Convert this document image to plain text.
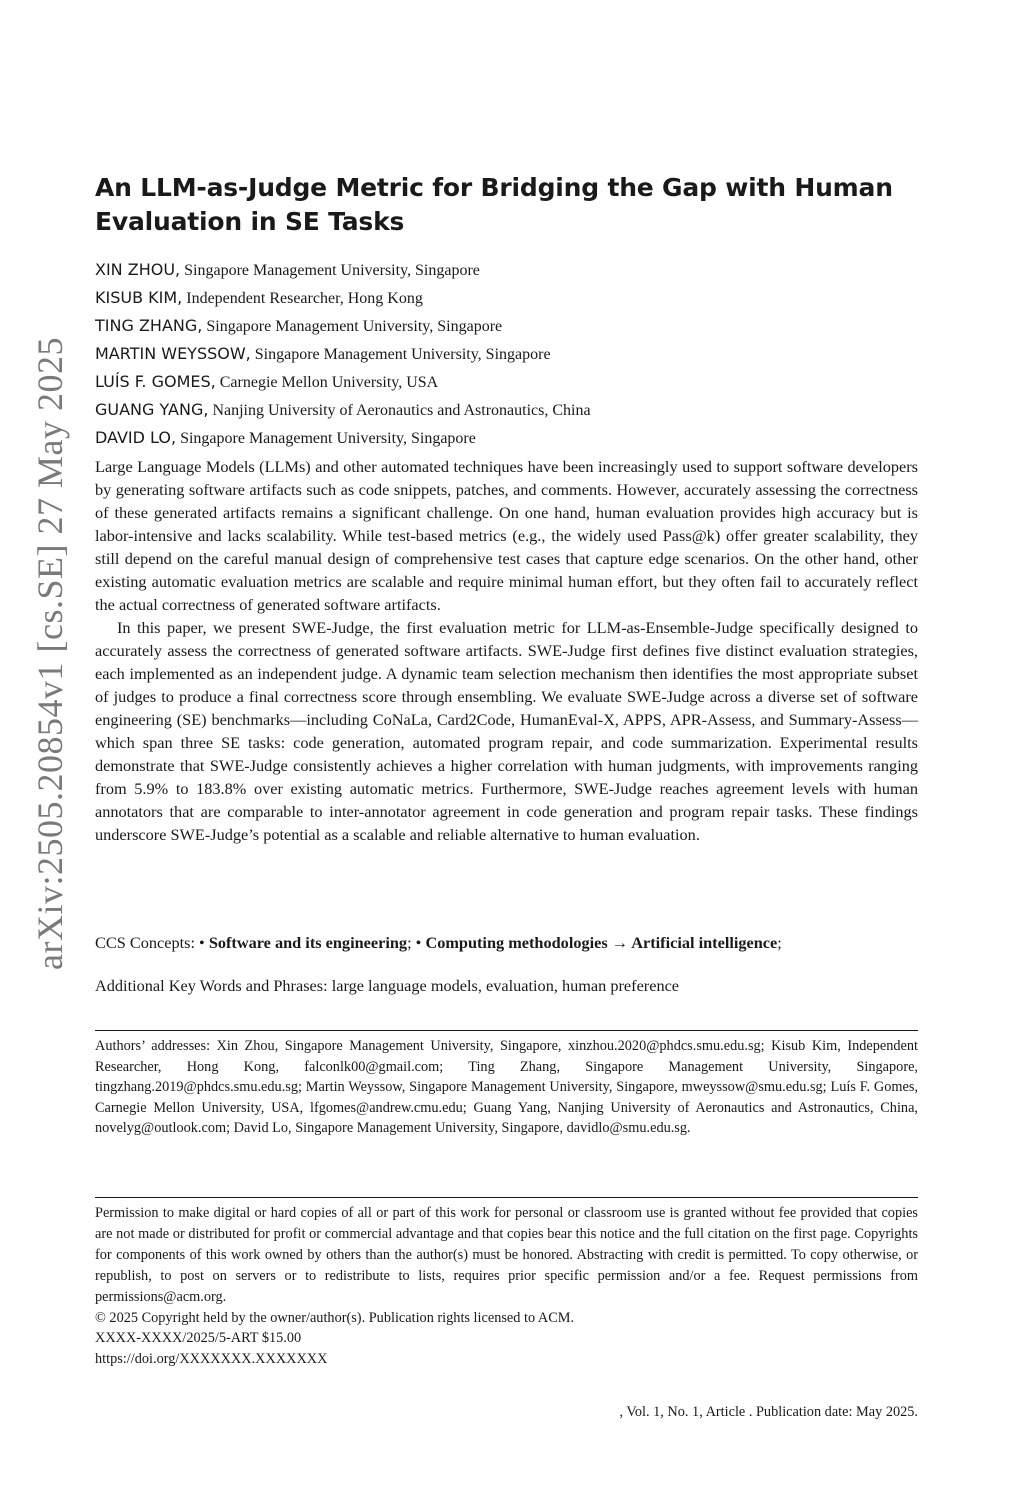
arXiv:2505.20854v1 [cs.SE] 27 May 2025
An LLM-as-Judge Metric for Bridging the Gap with Human Evaluation in SE Tasks
XIN ZHOU, Singapore Management University, Singapore
KISUB KIM, Independent Researcher, Hong Kong
TING ZHANG, Singapore Management University, Singapore
MARTIN WEYSSOW, Singapore Management University, Singapore
LUÍS F. GOMES, Carnegie Mellon University, USA
GUANG YANG, Nanjing University of Aeronautics and Astronautics, China
DAVID LO, Singapore Management University, Singapore

Large Language Models (LLMs) and other automated techniques have been increasingly used to support software developers by generating software artifacts such as code snippets, patches, and comments. However, accurately assessing the correctness of these generated artifacts remains a significant challenge. On one hand, human evaluation provides high accuracy but is labor-intensive and lacks scalability. While test-based metrics (e.g., the widely used Pass@k) offer greater scalability, they still depend on the careful manual design of comprehensive test cases that capture edge scenarios. On the other hand, other existing automatic evaluation metrics are scalable and require minimal human effort, but they often fail to accurately reflect the actual correctness of generated software artifacts.

In this paper, we present SWE-Judge, the first evaluation metric for LLM-as-Ensemble-Judge specifically designed to accurately assess the correctness of generated software artifacts. SWE-Judge first defines five distinct evaluation strategies, each implemented as an independent judge. A dynamic team selection mechanism then identifies the most appropriate subset of judges to produce a final correctness score through ensembling. We evaluate SWE-Judge across a diverse set of software engineering (SE) benchmarks—including CoNaLa, Card2Code, HumanEval-X, APPS, APR-Assess, and Summary-Assess—which span three SE tasks: code generation, automated program repair, and code summarization. Experimental results demonstrate that SWE-Judge consistently achieves a higher correlation with human judgments, with improvements ranging from 5.9% to 183.8% over existing automatic metrics. Furthermore, SWE-Judge reaches agreement levels with human annotators that are comparable to inter-annotator agreement in code generation and program repair tasks. These findings underscore SWE-Judge’s potential as a scalable and reliable alternative to human evaluation.

CCS Concepts: • Software and its engineering; • Computing methodologies → Artificial intelligence;
Additional Key Words and Phrases: large language models, evaluation, human preference
Authors’ addresses: Xin Zhou, Singapore Management University, Singapore, xinzhou.2020@phdcs.smu.edu.sg; Kisub Kim, Independent Researcher, Hong Kong, falconlk00@gmail.com; Ting Zhang, Singapore Management University, Singapore, tingzhang.2019@phdcs.smu.edu.sg; Martin Weyssow, Singapore Management University, Singapore, mweyssow@smu.edu.sg; Luís F. Gomes, Carnegie Mellon University, USA, lfgomes@andrew.cmu.edu; Guang Yang, Nanjing University of Aeronautics and Astronautics, China, novelyg@outlook.com; David Lo, Singapore Management University, Singapore, davidlo@smu.edu.sg.

Permission to make digital or hard copies of all or part of this work for personal or classroom use is granted without fee provided that copies are not made or distributed for profit or commercial advantage and that copies bear this notice and the full citation on the first page. Copyrights for components of this work owned by others than the author(s) must be honored. Abstracting with credit is permitted. To copy otherwise, or republish, to post on servers or to redistribute to lists, requires prior specific permission and/or a fee. Request permissions from permissions@acm.org.

© 2025 Copyright held by the owner/author(s). Publication rights licensed to ACM.

XXXX-XXXX/2025/5-ART $15.00

https://doi.org/XXXXXXX.XXXXXXX

, Vol. 1, No. 1, Article . Publication date: May 2025.
